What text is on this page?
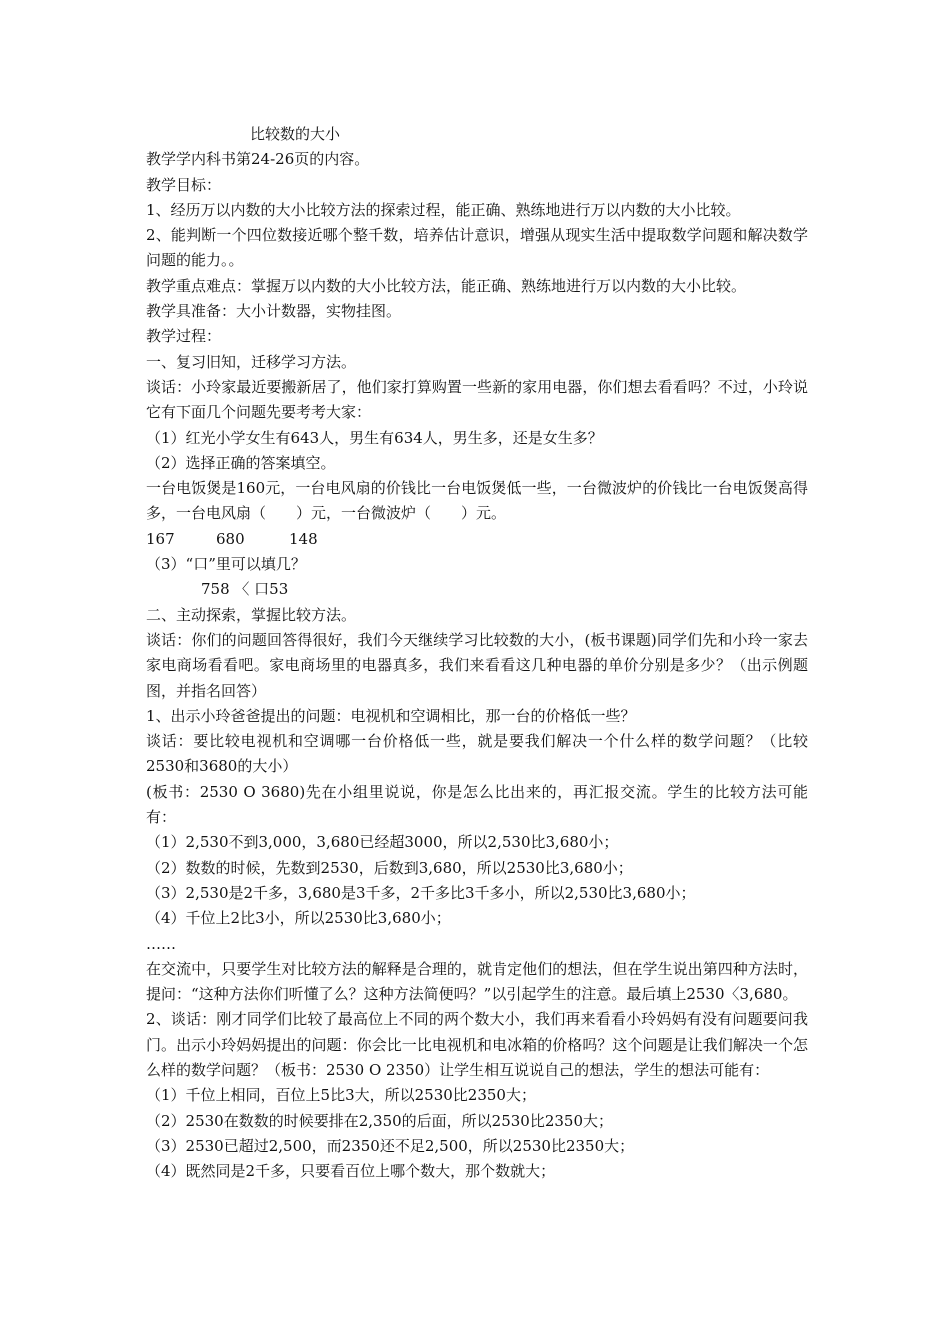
比较数的大小

教学学内科书第24-26页的内容。

教学目标：

1、经历万以内数的大小比较方法的探索过程，能正确、熟练地进行万以内数的大小比较。

2、能判断一个四位数接近哪个整千数，培养估计意识，增强从现实生活中提取数学问题和解决数学问题的能力。。

教学重点难点：掌握万以内数的大小比较方法，能正确、熟练地进行万以内数的大小比较。

教学具准备：大小计数器，实物挂图。

教学过程：

一、复习旧知，迁移学习方法。

谈话：小玲家最近要搬新居了，他们家打算购置一些新的家用电器，你们想去看看吗？不过，小玲说它有下面几个问题先要考考大家：

（1）红光小学女生有643人，男生有634人，男生多，还是女生多？

（2）选择正确的答案填空。

一台电饭煲是160元，一台电风扇的价钱比一台电饭煲低一些，一台微波炉的价钱比一台电饭煲高得多，一台电风扇（　　）元，一台微波炉（　　）元。

167	680	148

（3）“口”里可以填几？

758 〈 口53

二、主动探索，掌握比较方法。

谈话：你们的问题回答得很好，我们今天继续学习比较数的大小，(板书课题)同学们先和小玲一家去家电商场看看吧。家电商场里的电器真多，我们来看看这几种电器的单价分别是多少？（出示例题图，并指名回答）

1、出示小玲爸爸提出的问题：电视机和空调相比，那一台的价格低一些？

谈话：要比较电视机和空调哪一台价格低一些，就是要我们解决一个什么样的数学问题？（比较2530和3680的大小）

(板书：2530 O 3680)先在小组里说说，你是怎么比出来的，再汇报交流。学生的比较方法可能有：

（1）2,530不到3,000，3,680已经超3000，所以2,530比3,680小；

（2）数数的时候，先数到2530，后数到3,680，所以2530比3,680小；

（3）2,530是2千多，3,680是3千多，2千多比3千多小，所以2,530比3,680小；

（4）千位上2比3小，所以2530比3,680小；

……

在交流中，只要学生对比较方法的解释是合理的，就肯定他们的想法，但在学生说出第四种方法时，提问：“这种方法你们听懂了么？这种方法简便吗？”以引起学生的注意。最后填上2530〈3,680。

2、谈话：刚才同学们比较了最高位上不同的两个数大小，我们再来看看小玲妈妈有没有问题要问我门。出示小玲妈妈提出的问题：你会比一比电视机和电冰箱的价格吗？这个问题是让我们解决一个怎么样的数学问题？（板书：2530 O 2350）让学生相互说说自己的想法，学生的想法可能有：

（1）千位上相同，百位上5比3大，所以2530比2350大；

（2）2530在数数的时候要排在2,350的后面，所以2530比2350大；

（3）2530已超过2,500，而2350还不足2,500，所以2530比2350大；

（4）既然同是2千多，只要看百位上哪个数大，那个数就大；
